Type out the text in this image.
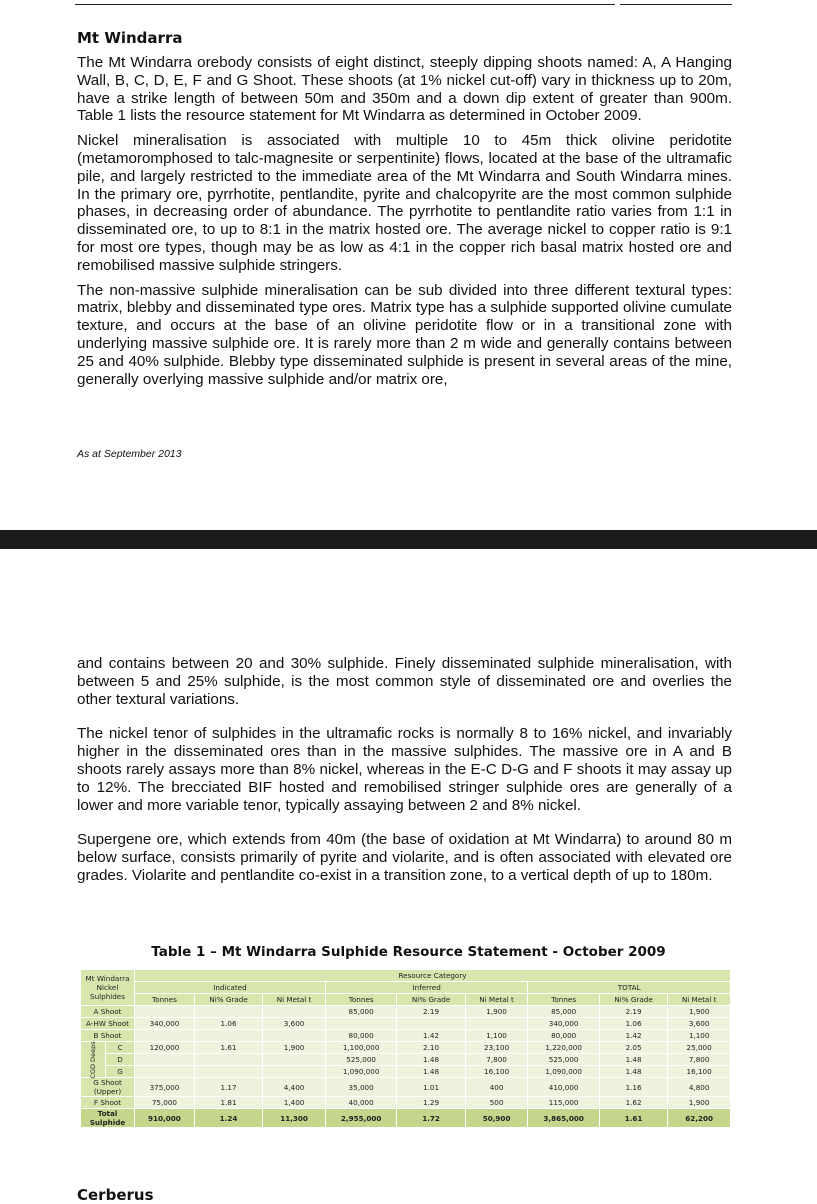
Mt Windarra

The Mt Windarra orebody consists of eight distinct, steeply dipping shoots named: A, A Hanging Wall, B, C, D, E, F and G Shoot. These shoots (at 1% nickel cut-off) vary in thickness up to 20m, have a strike length of between 50m and 350m and a down dip extent of greater than 900m. Table 1 lists the resource statement for Mt Windarra as determined in October 2009.

Nickel mineralisation is associated with multiple 10 to 45m thick olivine peridotite (metamoromphosed to talc-magnesite or serpentinite) flows, located at the base of the ultramafic pile, and largely restricted to the immediate area of the Mt Windarra and South Windarra mines. In the primary ore, pyrrhotite, pentlandite, pyrite and chalcopyrite are the most common sulphide phases, in decreasing order of abundance. The pyrrhotite to pentlandite ratio varies from 1:1 in disseminated ore, to up to 8:1 in the matrix hosted ore. The average nickel to copper ratio is 9:1 for most ore types, though may be as low as 4:1 in the copper rich basal matrix hosted ore and remobilised massive sulphide stringers.

The non-massive sulphide mineralisation can be sub divided into three different textural types: matrix, blebby and disseminated type ores. Matrix type has a sulphide supported olivine cumulate texture, and occurs at the base of an olivine peridotite flow or in a transitional zone with underlying massive sulphide ore. It is rarely more than 2 m wide and generally contains between 25 and 40% sulphide. Blebby type disseminated sulphide is present in several areas of the mine, generally overlying massive sulphide and/or matrix ore,

As at September 2013

and contains between 20 and 30% sulphide. Finely disseminated sulphide mineralisation, with between 5 and 25% sulphide, is the most common style of disseminated ore and overlies the other textural variations.

The nickel tenor of sulphides in the ultramafic rocks is normally 8 to 16% nickel, and invariably higher in the disseminated ores than in the massive sulphides. The massive ore in A and B shoots rarely assays more than 8% nickel, whereas in the E-C D-G and F shoots it may assay up to 12%. The brecciated BIF hosted and remobilised stringer sulphide ores are generally of a lower and more variable tenor, typically assaying between 2 and 8% nickel.

Supergene ore, which extends from 40m (the base of oxidation at Mt Windarra) to around 80 m below surface, consists primarily of pyrite and violarite, and is often associated with elevated ore grades. Violarite and pentlandite co-exist in a transition zone, to a vertical depth of up to 180m.

Table 1 – Mt Windarra Sulphide Resource Statement - October 2009
Mt Windarra Nickel Sulphides		Resource Category								
		Indicated			Inferred			TOTAL		
		Tonnes	Ni% Grade	Ni Metal t	Tonnes	Ni% Grade	Ni Metal t	Tonnes	Ni% Grade	Ni Metal t
A Shoot					85,000	2.19	1,900	85,000	2.19	1,900
A-HW Shoot		340,000	1.06	3,600				340,000	1.06	3,600
B Shoot					80,000	1.42	1,100	80,000	1.42	1,100

CGD Deeps	C	120,000	1.61	1,900	1,100,000	2.10	23,100	1,220,000	2.05	25,000
	D				525,000	1.48	7,800	525,000	1.48	7,800
	G				1,090,000	1.48	16,100	1,090,000	1.48	16,100
G Shoot (Upper)		375,000	1.17	4,400	35,000	1.01	400	410,000	1.16	4,800
F Shoot		75,000	1.81	1,400	40,000	1.29	500	115,000	1.62	1,900
Total Sulphide		910,000	1.24	11,300	2,955,000	1.72	50,900	3,865,000	1.61	62,200
Cerberus
